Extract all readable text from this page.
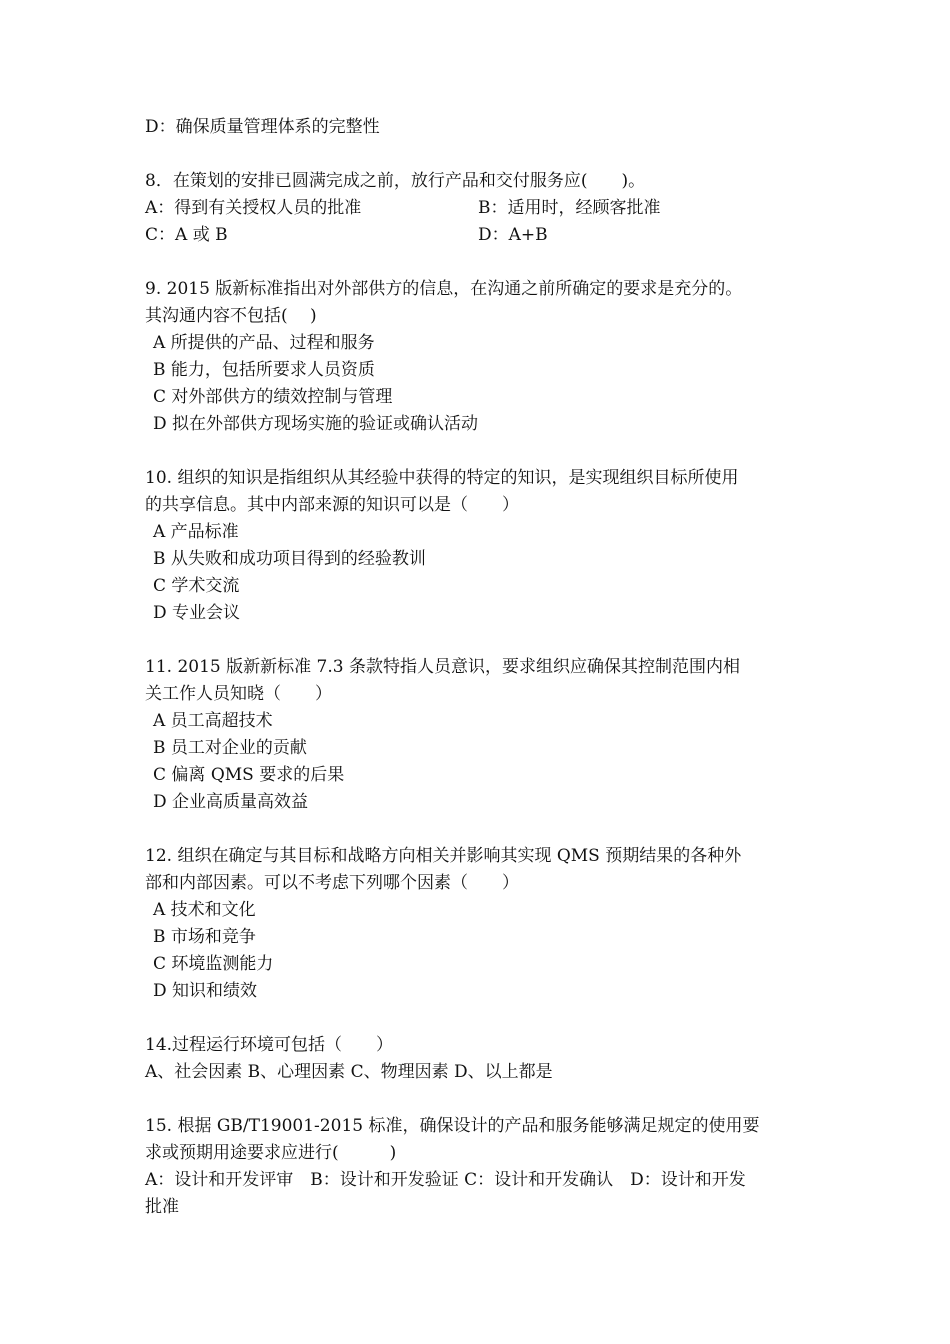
D：确保质量管理体系的完整性
8．在策划的安排已圆满完成之前，放行产品和交付服务应(　　)。
A：得到有关授权人员的批准	B：适用时，经顾客批准
C：A 或 B	D：A+B
9. 2015 版新标准指出对外部供方的信息，在沟通之前所确定的要求是充分的。
其沟通内容不包括(　 )
A 所提供的产品、过程和服务
B 能力，包括所要求人员资质
C 对外部供方的绩效控制与管理
D 拟在外部供方现场实施的验证或确认活动
10. 组织的知识是指组织从其经验中获得的特定的知识，是实现组织目标所使用
的共享信息。其中内部来源的知识可以是（　　）
A 产品标准
B 从失败和成功项目得到的经验教训
C 学术交流
D 专业会议
11. 2015 版新新标准 7.3 条款特指人员意识，要求组织应确保其控制范围内相
关工作人员知晓（　　）
A 员工高超技术
B 员工对企业的贡献
C 偏离 QMS 要求的后果
D 企业高质量高效益
12. 组织在确定与其目标和战略方向相关并影响其实现 QMS 预期结果的各种外
部和内部因素。可以不考虑下列哪个因素（　　）
A 技术和文化
B 市场和竞争
C 环境监测能力
D 知识和绩效
14.过程运行环境可包括（　　）
A、社会因素 B、心理因素 C、物理因素 D、以上都是
15. 根据 GB/T19001-2015 标准，确保设计的产品和服务能够满足规定的使用要
求或预期用途要求应进行(　　　)
A：设计和开发评审　B：设计和开发验证 C：设计和开发确认　D：设计和开发
批准
